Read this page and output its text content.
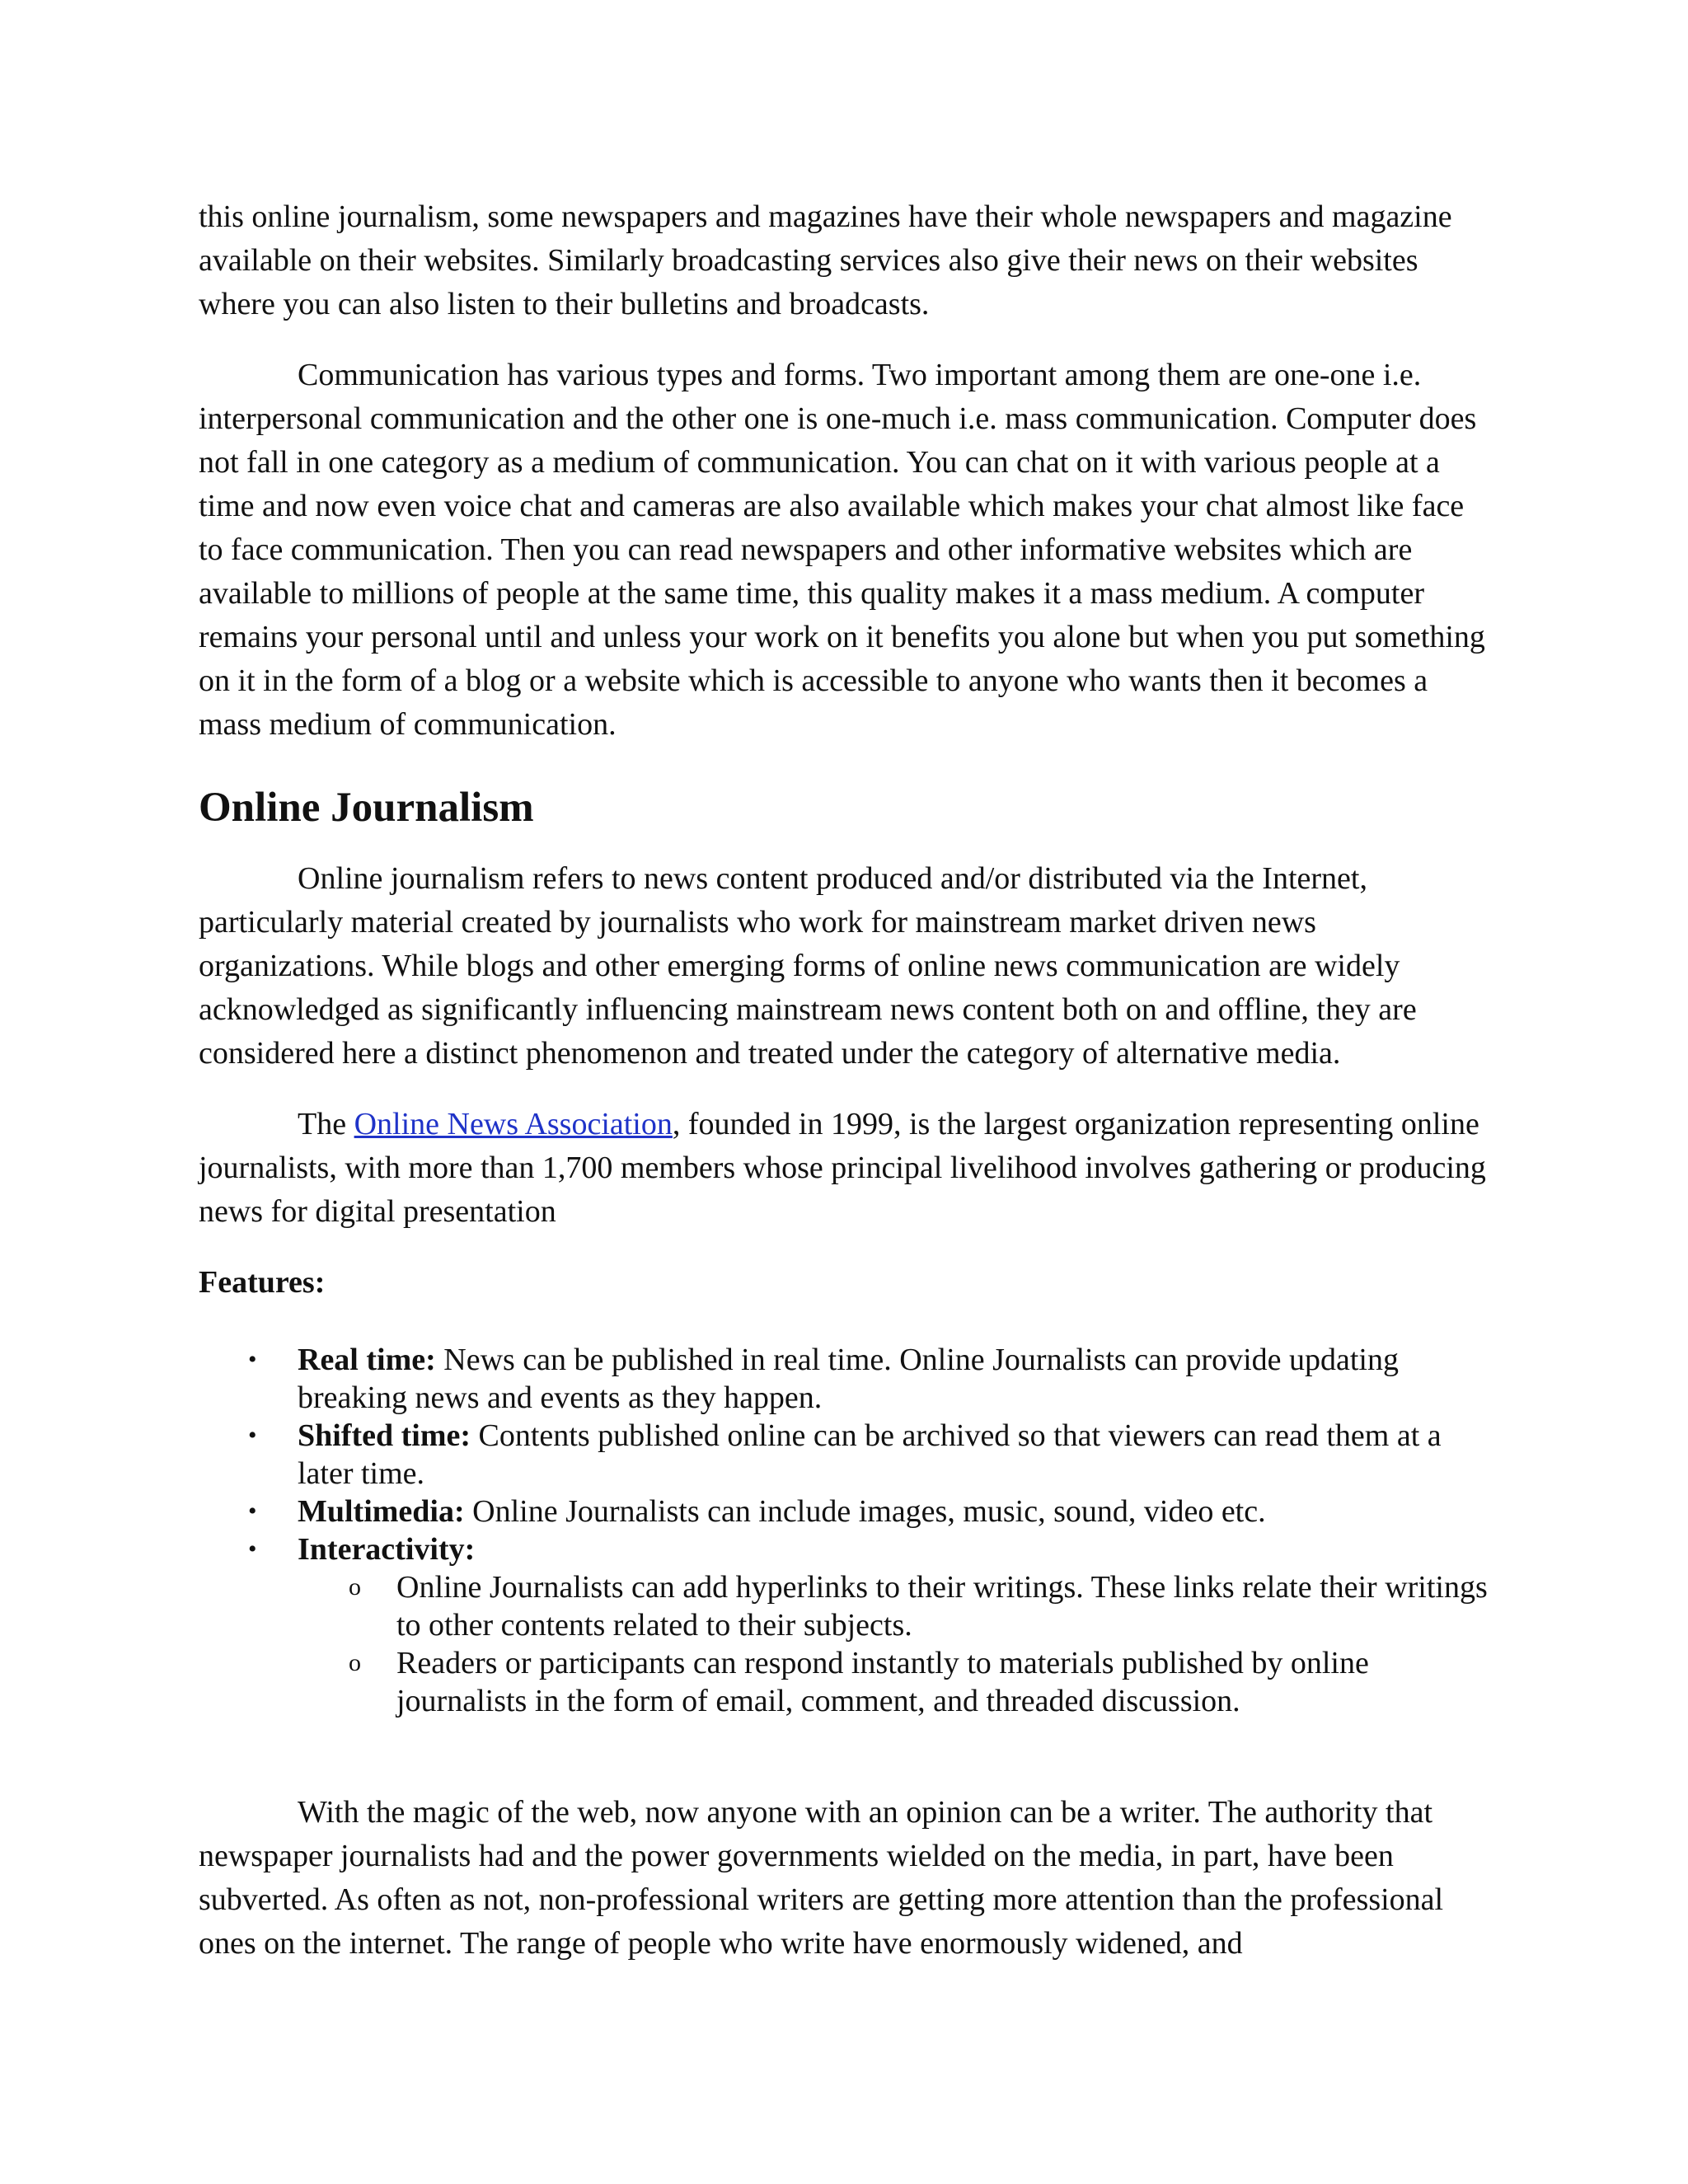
this online journalism, some newspapers and magazines have their whole newspapers and magazine available on their websites. Similarly broadcasting services also give their news on their websites where you can also listen to their bulletins and broadcasts.

Communication has various types and forms. Two important among them are one-one i.e. interpersonal communication and the other one is one-much i.e. mass communication. Computer does not fall in one category as a medium of communication. You can chat on it with various people at a time and now even voice chat and cameras are also available which makes your chat almost like face to face communication. Then you can read newspapers and other informative websites which are available to millions of people at the same time, this quality makes it a mass medium. A computer remains your personal until and unless your work on it benefits you alone but when you put something on it in the form of a blog or a website which is accessible to anyone who wants then it becomes a mass medium of communication.

Online Journalism

Online journalism refers to news content produced and/or distributed via the Internet, particularly material created by journalists who work for mainstream market driven news organizations. While blogs and other emerging forms of online news communication are widely acknowledged as significantly influencing mainstream news content both on and offline, they are considered here a distinct phenomenon and treated under the category of alternative media.

The Online News Association, founded in 1999, is the largest organization representing online journalists, with more than 1,700 members whose principal livelihood involves gathering or producing news for digital presentation

Features:

• Real time: News can be published in real time. Online Journalists can provide updating breaking news and events as they happen.
• Shifted time: Contents published online can be archived so that viewers can read them at a later time.
• Multimedia: Online Journalists can include images, music, sound, video etc.
• Interactivity:
o Online Journalists can add hyperlinks to their writings. These links relate their writings to other contents related to their subjects.
o Readers or participants can respond instantly to materials published by online journalists in the form of email, comment, and threaded discussion.

With the magic of the web, now anyone with an opinion can be a writer. The authority that newspaper journalists had and the power governments wielded on the media, in part, have been subverted. As often as not, non-professional writers are getting more attention than the professional ones on the internet. The range of people who write have enormously widened, and
